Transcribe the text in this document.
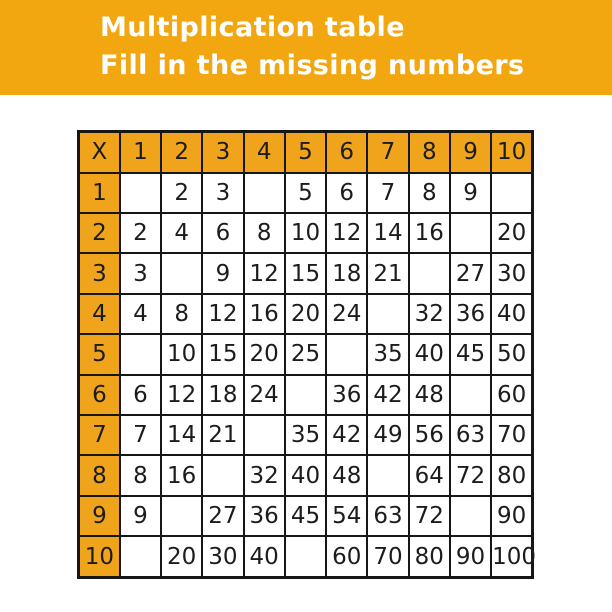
Multiplication table
Fill in the missing numbers
X	1	2	3	4	5	6	7	8	9	10
1		2	3		5	6	7	8	9	
2	2	4	6	8	10	12	14	16		20
3	3		9	12	15	18	21		27	30
4	4	8	12	16	20	24		32	36	40
5		10	15	20	25		35	40	45	50
6	6	12	18	24		36	42	48		60
7	7	14	21		35	42	49	56	63	70
8	8	16		32	40	48		64	72	80
9	9		27	36	45	54	63	72		90
10		20	30	40		60	70	80	90	100
